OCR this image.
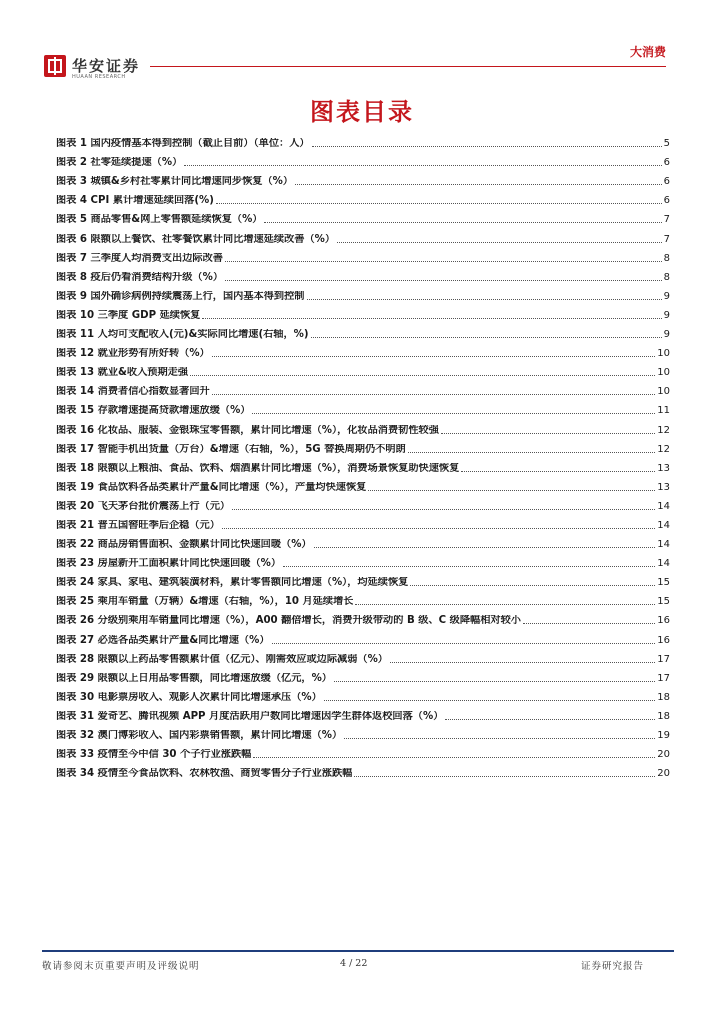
华安证券
HUAAN RESEARCH
大消费
图表目录
图表 1 国内疫情基本得到控制（截止目前）（单位：人）	5
图表 2 社零延续提速（%）	6
图表 3 城镇&乡村社零累计同比增速同步恢复（%）	6
图表 4 CPI 累计增速延续回落(%)	6
图表 5 商品零售&网上零售额延续恢复（%）	7
图表 6 限额以上餐饮、社零餐饮累计同比增速延续改善（%）	7
图表 7 三季度人均消费支出边际改善	8
图表 8 疫后仍看消费结构升级（%）	8
图表 9 国外确诊病例持续震荡上行，国内基本得到控制	9
图表 10 三季度 GDP 延续恢复	9
图表 11 人均可支配收入(元)&实际同比增速(右轴，%)	9
图表 12 就业形势有所好转（%）	10
图表 13 就业&收入预期走强	10
图表 14 消费者信心指数显著回升	10
图表 15 存款增速提高贷款增速放缓（%）	11
图表 16 化妆品、服装、金银珠宝零售额，累计同比增速（%），化妆品消费韧性较强	12
图表 17 智能手机出货量（万台）&增速（右轴，%），5G 替换周期仍不明朗	12
图表 18 限额以上粮油、食品、饮料、烟酒累计同比增速（%），消费场景恢复助快速恢复	13
图表 19 食品饮料各品类累计产量&同比增速（%），产量均快速恢复	13
图表 20 飞天茅台批价震荡上行（元）	14
图表 21 普五国窖旺季后企稳（元）	14
图表 22 商品房销售面积、金额累计同比快速回暖（%）	14
图表 23 房屋新开工面积累计同比快速回暖（%）	14
图表 24 家具、家电、建筑装潢材料，累计零售额同比增速（%），均延续恢复	15
图表 25 乘用车销量（万辆）&增速（右轴，%），10 月延续增长	15
图表 26 分级别乘用车销量同比增速（%），A00 翻倍增长，消费升级带动的 B 级、C 级降幅相对较小	16
图表 27 必选各品类累计产量&同比增速（%）	16
图表 28 限额以上药品零售额累计值（亿元）、刚需效应或边际减弱（%）	17
图表 29 限额以上日用品零售额，同比增速放缓（亿元，%）	17
图表 30 电影票房收入、观影人次累计同比增速承压（%）	18
图表 31 爱奇艺、腾讯视频 APP 月度活跃用户数同比增速因学生群体返校回落（%）	18
图表 32 澳门博彩收入、国内彩票销售额，累计同比增速（%）	19
图表 33 疫情至今中信 30 个子行业涨跌幅	20
图表 34 疫情至今食品饮料、农林牧渔、商贸零售分子行业涨跌幅	20
敬请参阅末页重要声明及评级说明	4 / 22	证券研究报告
